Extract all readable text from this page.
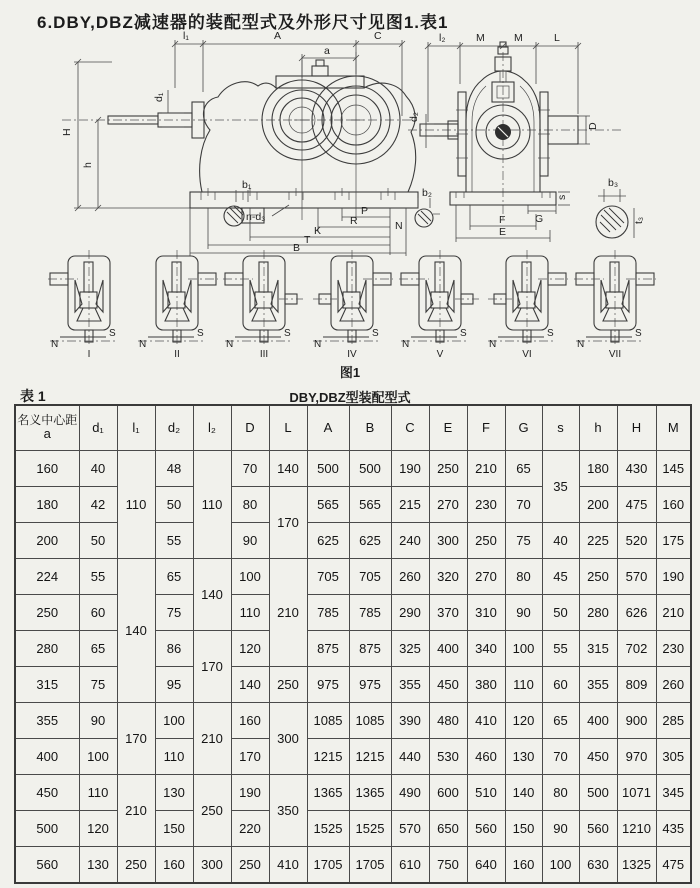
6.DBY,DBZ减速器的装配型式及外形尺寸见图1.表1
l₁	A	C
a
H
h
d₁
b₁
n-d₃	P
R	N
K
T
B
l₂	M	M	L
d₂
D
G
s
F
E
b₂
b₃
t₃
S
N
I
S
N
II
S
N
III
S
N
IV
S
N
V
S
N
VI
S
N
VII
图1
表 1	DBY,DBZ型装配型式
名义中心距
a	d₁	l₁	d₂	l₂	D	L	A	B	C	E	F	G	s	h	H	M
160	40	110	48	110	70	140	500	500	190	250	210	65	35	180	430	145
180	42		50		80	170	565	565	215	270	230	70		200	475	160
200	50		55		90		625	625	240	300	250	75	40	225	520	175
224	55	140	65	140	100	210	705	705	260	320	270	80	45	250	570	190
250	60		75		110		785	785	290	370	310	90	50	280	626	210
280	65		86	170	120		875	875	325	400	340	100	55	315	702	230
315	75		95		140	250	975	975	355	450	380	110	60	355	809	260
355	90	170	100	210	160	300	1085	1085	390	480	410	120	65	400	900	285
400	100		110		170		1215	1215	440	530	460	130	70	450	970	305
450	110	210	130	250	190	350	1365	1365	490	600	510	140	80	500	1071	345
500	120		150		220		1525	1525	570	650	560	150	90	560	1210	435
560	130	250	160	300	250	410	1705	1705	610	750	640	160	100	630	1325	475
